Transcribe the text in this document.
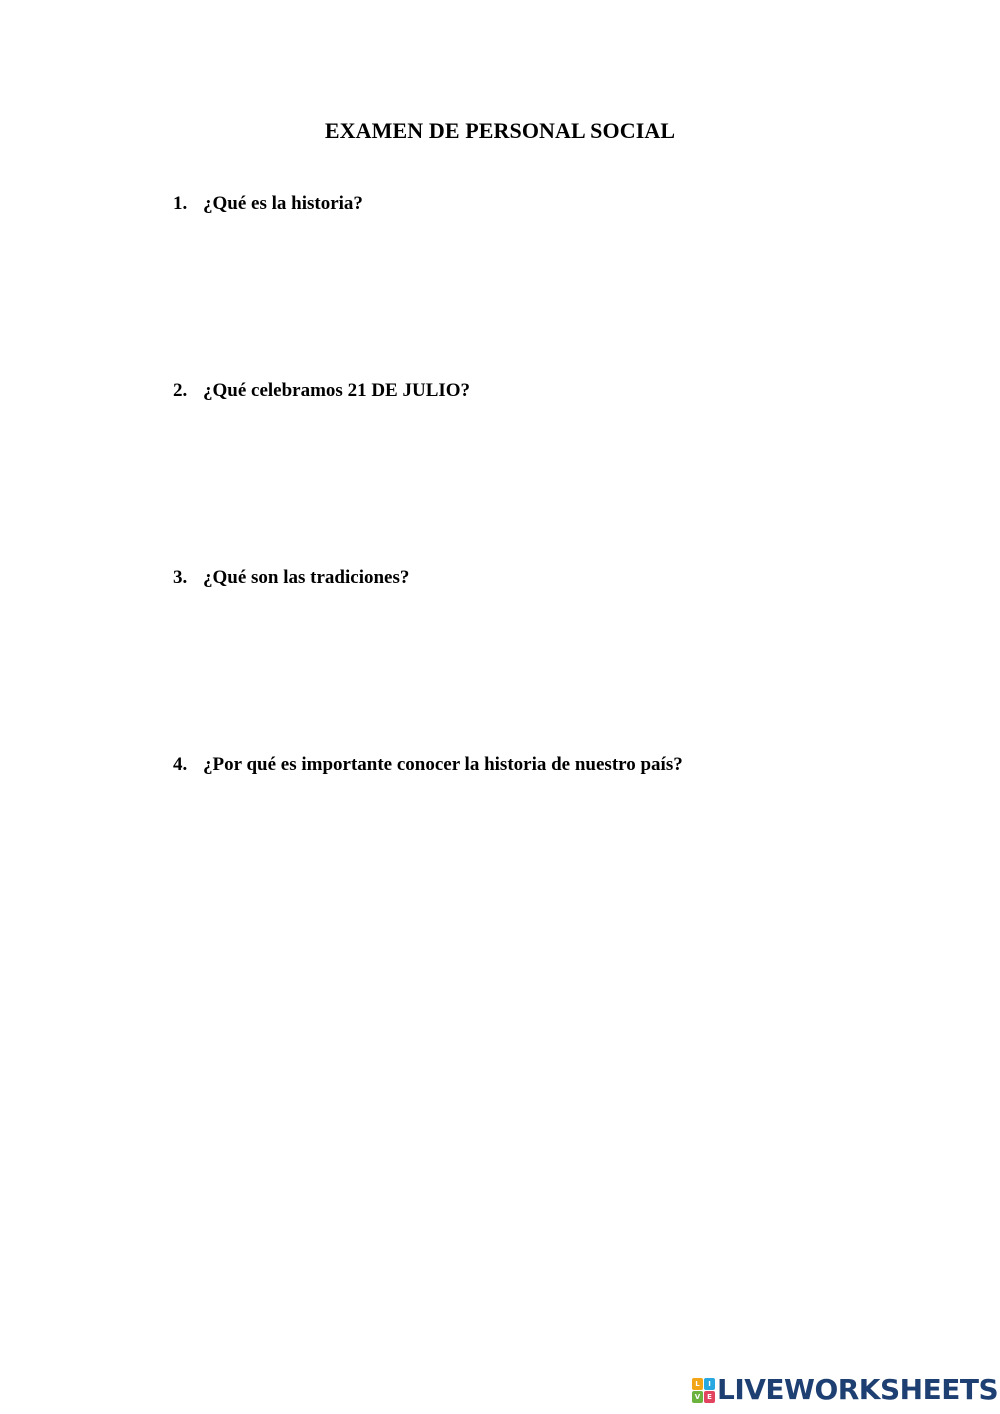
EXAMEN DE PERSONAL SOCIAL
1. ¿Qué es la historia?
2. ¿Qué celebramos 21 DE JULIO?
3. ¿Qué son las tradiciones?
4. ¿Por qué es importante conocer la historia de nuestro país?
L	I
V E LIVEWORKSHEETS
